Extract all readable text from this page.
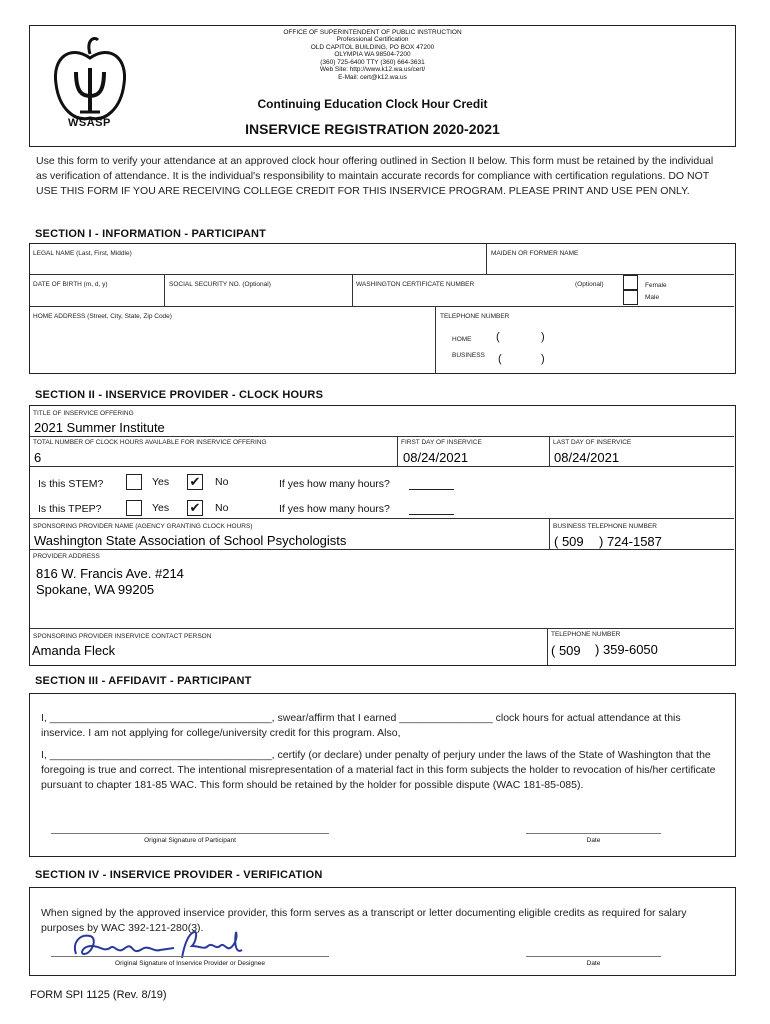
WSASP
OFFICE OF SUPERINTENDENT OF PUBLIC INSTRUCTION
Professional Certification
OLD CAPITOL BUILDING, PO BOX 47200
OLYMPIA WA 98504-7200
(360) 725-6400 TTY (360) 664-3631
Web Site: http://www.k12.wa.us/cert/
E-Mail: cert@k12.wa.us
Continuing Education Clock Hour Credit
INSERVICE REGISTRATION 2020-2021
Use this form to verify your attendance at an approved clock hour offering outlined in Section II below. This form must be retained by the individual as verification of attendance. It is the individual's responsibility to maintain accurate records for compliance with certification regulations. DO NOT USE THIS FORM IF YOU ARE RECEIVING COLLEGE CREDIT FOR THIS INSERVICE PROGRAM. PLEASE PRINT AND USE PEN ONLY.
SECTION I - INFORMATION - PARTICIPANT
LEGAL NAME (Last, First, Middle)	MAIDEN OR FORMER NAME
DATE OF BIRTH (m, d, y)	SOCIAL SECURITY NO. (Optional)	WASHINGTON CERTIFICATE NUMBER	(Optional)	Female
Male
HOME ADDRESS (Street, City, State, Zip Code)	TELEPHONE NUMBER
HOME (	)
BUSINESS (	)
SECTION II - INSERVICE PROVIDER - CLOCK HOURS
TITLE OF INSERVICE OFFERING
2021 Summer Institute
TOTAL NUMBER OF CLOCK HOURS AVAILABLE FOR INSERVICE OFFERING
6
FIRST DAY OF INSERVICE
08/24/2021
LAST DAY OF INSERVICE
08/24/2021
Is this STEM?	Yes ✔ No	If yes how many hours?
Is this TPEP?	Yes ✔ No	If yes how many hours?
SPONSORING PROVIDER NAME (AGENCY GRANTING CLOCK HOURS)
Washington State Association of School Psychologists
BUSINESS TELEPHONE NUMBER
( 509 ) 724-1587
PROVIDER ADDRESS
816 W. Francis Ave. #214
Spokane, WA 99205
SPONSORING PROVIDER INSERVICE CONTACT PERSON
Amanda Fleck
TELEPHONE NUMBER
( 509 ) 359-6050
SECTION III - AFFIDAVIT - PARTICIPANT
I, ______________________________________, swear/affirm that I earned ________________ clock hours for actual attendance at this inservice. I am not applying for college/university credit for this program. Also,
I, ______________________________________, certify (or declare) under penalty of perjury under the laws of the State of Washington that the foregoing is true and correct. The intentional misrepresentation of a material fact in this form subjects the holder to revocation of his/her certificate pursuant to chapter 181-85 WAC. This form should be retained by the holder for possible dispute (WAC 181-85-085).
Original Signature of Participant	Date
SECTION IV - INSERVICE PROVIDER - VERIFICATION
When signed by the approved inservice provider, this form serves as a transcript or letter documenting eligible credits as required for salary purposes by WAC 392-121-280(3).
Original Signature of Inservice Provider or Designee	Date
FORM SPI 1125 (Rev. 8/19)
